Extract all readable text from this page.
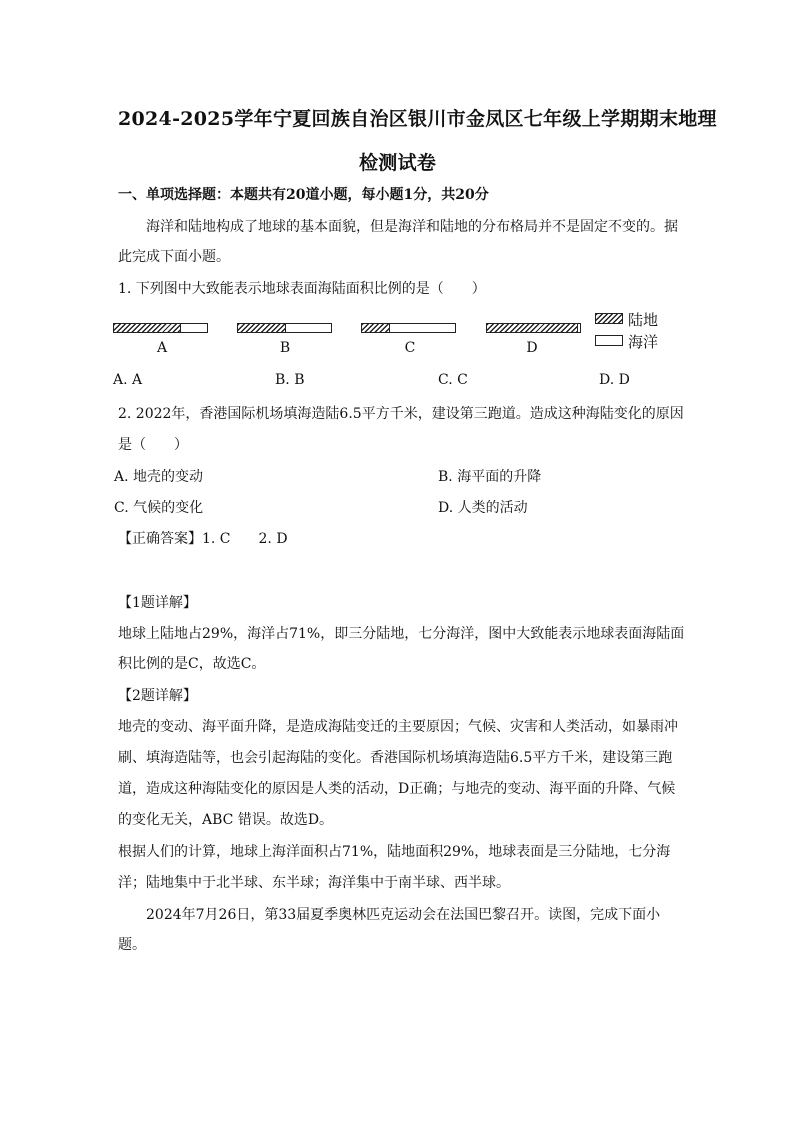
2024-2025学年宁夏回族自治区银川市金凤区七年级上学期期末地理
检测试卷
一、单项选择题：本题共有20道小题，每小题1分，共20分
海洋和陆地构成了地球的基本面貌，但是海洋和陆地的分布格局并不是固定不变的。据
此完成下面小题。
1. 下列图中大致能表示地球表面海陆面积比例的是（　　）
A	B	C	D
陆地
海洋
A. A	B. B	C. C	D. D
2. 2022年，香港国际机场填海造陆6.5平方千米，建设第三跑道。造成这种海陆变化的原因
是（　　）
A. 地壳的变动	B. 海平面的升降
C. 气候的变化	D. 人类的活动
【正确答案】1. C　　2. D
【1题详解】
地球上陆地占29%，海洋占71%，即三分陆地，七分海洋，图中大致能表示地球表面海陆面
积比例的是C，故选C。
【2题详解】
地壳的变动、海平面升降，是造成海陆变迁的主要原因；气候、灾害和人类活动，如暴雨冲
刷、填海造陆等，也会引起海陆的变化。香港国际机场填海造陆6.5平方千米，建设第三跑
道，造成这种海陆变化的原因是人类的活动，D正确；与地壳的变动、海平面的升降、气候
的变化无关，ABC 错误。故选D。
根据人们的计算，地球上海洋面积占71%，陆地面积29%，地球表面是三分陆地，七分海
洋；陆地集中于北半球、东半球；海洋集中于南半球、西半球。
2024年7月26日，第33届夏季奥林匹克运动会在法国巴黎召开。读图，完成下面小
题。
